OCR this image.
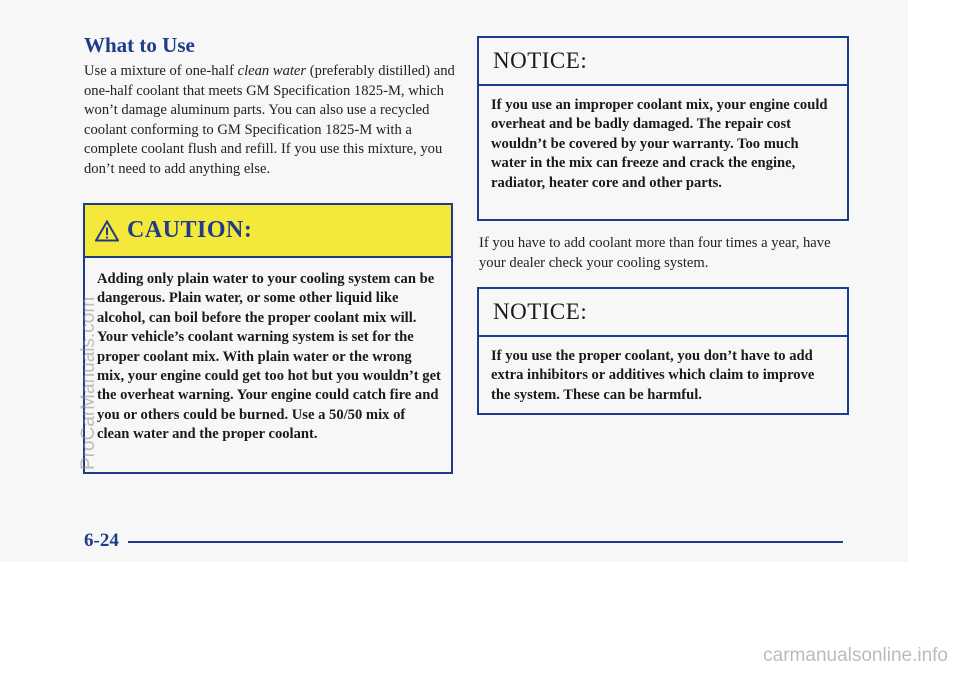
What to Use
Use a mixture of one-half clean water (preferably distilled) and one-half coolant that meets GM Specification 1825-M, which won’t damage aluminum parts. You can also use a recycled coolant conforming to GM Specification 1825-M with a complete coolant flush and refill. If you use this mixture, you don’t need to add anything else.
CAUTION:
Adding only plain water to your cooling system can be dangerous. Plain water, or some other liquid like alcohol, can boil before the proper coolant mix will. Your vehicle’s coolant warning system is set for the proper coolant mix. With plain water or the wrong mix, your engine could get too hot but you wouldn’t get the overheat warning. Your engine could catch fire and you or others could be burned. Use a 50/50 mix of clean water and the proper coolant.
NOTICE:
If you use an improper coolant mix, your engine could overheat and be badly damaged. The repair cost wouldn’t be covered by your warranty. Too much water in the mix can freeze and crack the engine, radiator, heater core and other parts.
If you have to add coolant more than four times a year, have your dealer check your cooling system.
NOTICE:
If you use the proper coolant, you don’t have to add extra inhibitors or additives which claim to improve the system. These can be harmful.
6-24
ProCarManuals.com
carmanualsonline.info
